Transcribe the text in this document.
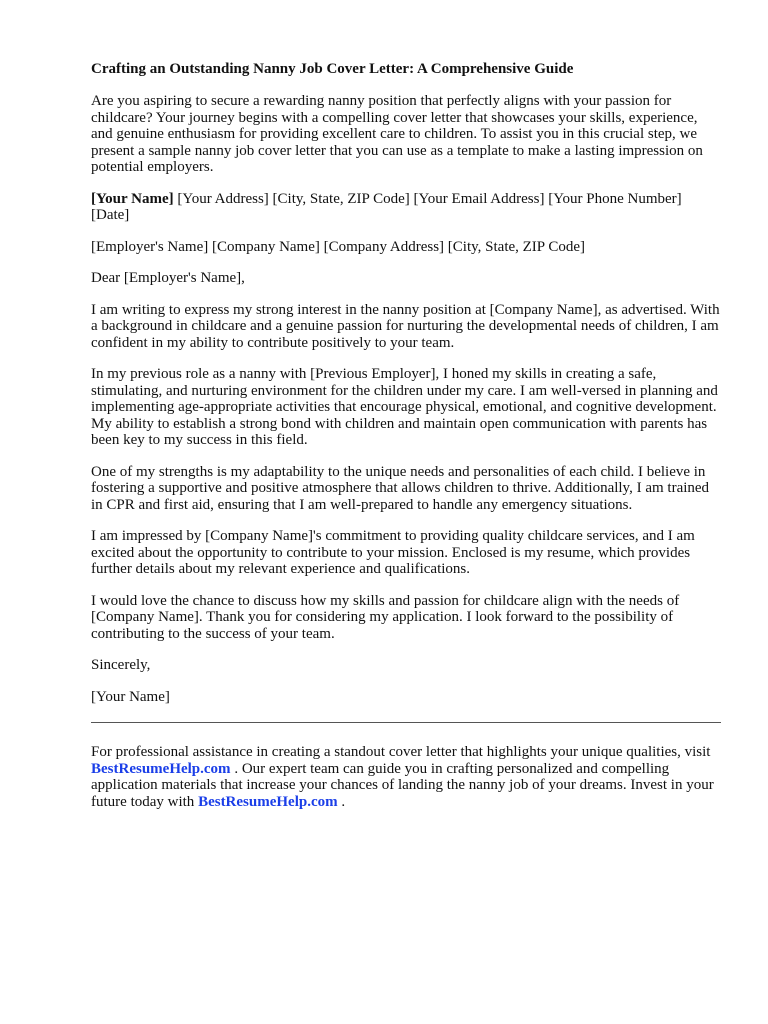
Crafting an Outstanding Nanny Job Cover Letter: A Comprehensive Guide

Are you aspiring to secure a rewarding nanny position that perfectly aligns with your passion for childcare? Your journey begins with a compelling cover letter that showcases your skills, experience, and genuine enthusiasm for providing excellent care to children. To assist you in this crucial step, we present a sample nanny job cover letter that you can use as a template to make a lasting impression on potential employers.

[Your Name] [Your Address] [City, State, ZIP Code] [Your Email Address] [Your Phone Number] [Date]

[Employer's Name] [Company Name] [Company Address] [City, State, ZIP Code]

Dear [Employer's Name],

I am writing to express my strong interest in the nanny position at [Company Name], as advertised. With a background in childcare and a genuine passion for nurturing the developmental needs of children, I am confident in my ability to contribute positively to your team.

In my previous role as a nanny with [Previous Employer], I honed my skills in creating a safe, stimulating, and nurturing environment for the children under my care. I am well-versed in planning and implementing age-appropriate activities that encourage physical, emotional, and cognitive development. My ability to establish a strong bond with children and maintain open communication with parents has been key to my success in this field.

One of my strengths is my adaptability to the unique needs and personalities of each child. I believe in fostering a supportive and positive atmosphere that allows children to thrive. Additionally, I am trained in CPR and first aid, ensuring that I am well-prepared to handle any emergency situations.

I am impressed by [Company Name]'s commitment to providing quality childcare services, and I am excited about the opportunity to contribute to your mission. Enclosed is my resume, which provides further details about my relevant experience and qualifications.

I would love the chance to discuss how my skills and passion for childcare align with the needs of [Company Name]. Thank you for considering my application. I look forward to the possibility of contributing to the success of your team.

Sincerely,

[Your Name]

For professional assistance in creating a standout cover letter that highlights your unique qualities, visit BestResumeHelp.com . Our expert team can guide you in crafting personalized and compelling application materials that increase your chances of landing the nanny job of your dreams. Invest in your future today with BestResumeHelp.com .
